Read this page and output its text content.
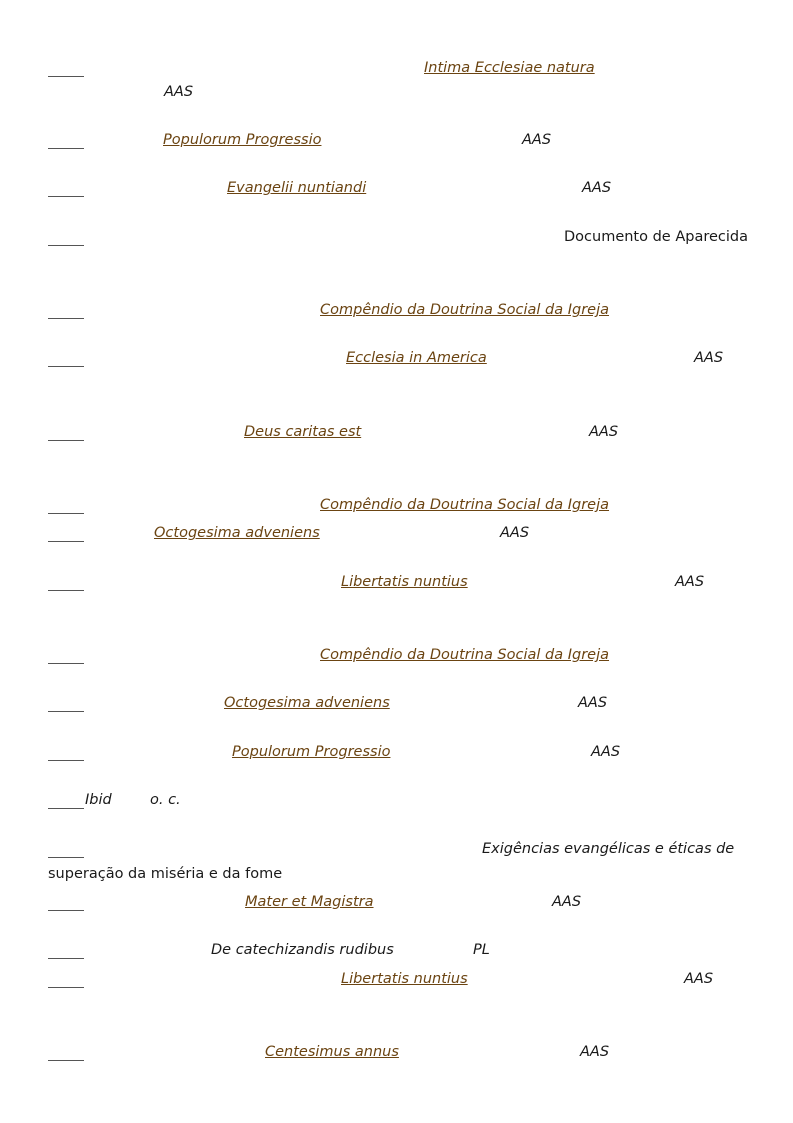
Intima Ecclesiae natura
AAS
Populorum Progressio	AAS
Evangelii nuntiandi	AAS
Documento de Aparecida
Compêndio da Doutrina Social da Igreja
Ecclesia in America	AAS
Deus caritas est	AAS
Compêndio da Doutrina Social da Igreja
Octogesima adveniens	AAS
Libertatis nuntius	AAS
Compêndio da Doutrina Social da Igreja
Octogesima adveniens	AAS
Populorum Progressio	AAS
Ibid	o. c.
Exigências evangélicas e éticas de
superação da miséria e da fome
Mater et Magistra	AAS
De catechizandis rudibus	PL
Libertatis nuntius	AAS
Centesimus annus	AAS
